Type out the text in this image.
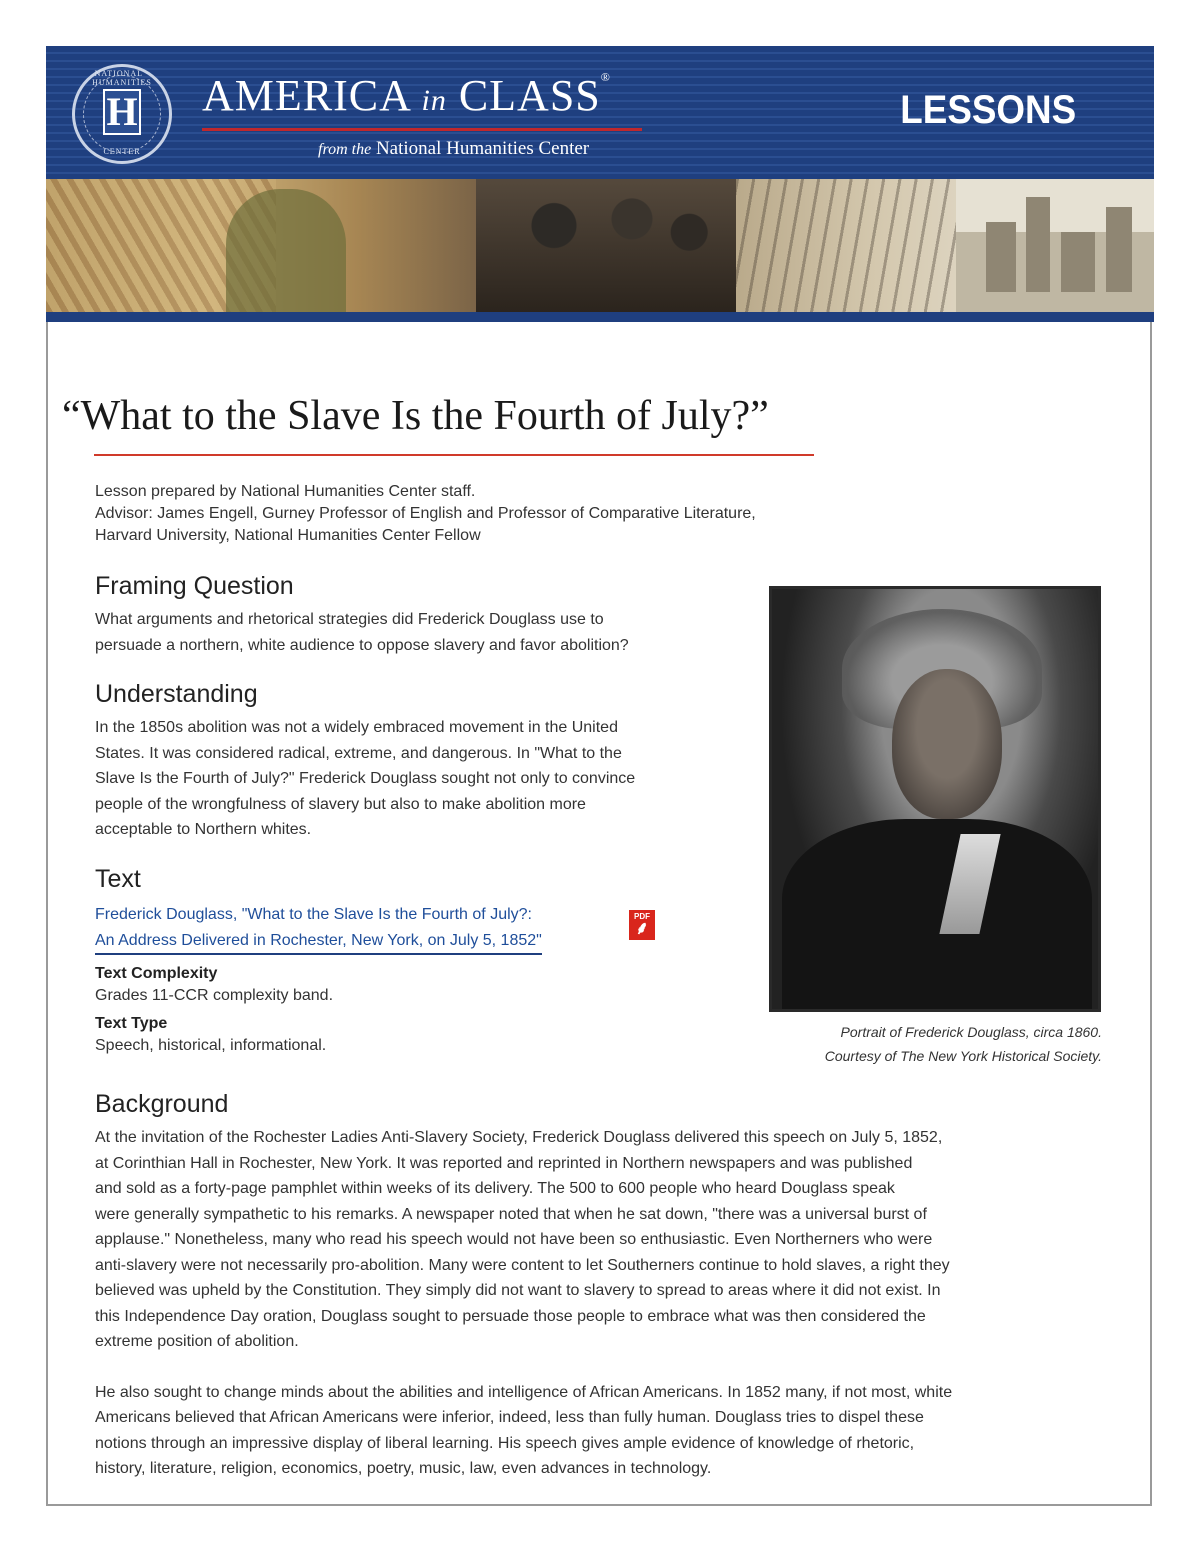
NATIONAL · HUMANITIES
H
CENTER
AMERICA in CLASS®
from the National Humanities Center
LESSONS
“What to the Slave Is the Fourth of July?”
Lesson prepared by National Humanities Center staff.
Advisor: James Engell, Gurney Professor of English and Professor of Comparative Literature,
Harvard University, National Humanities Center Fellow
Framing Question
What arguments and rhetorical strategies did Frederick Douglass use to
persuade a northern, white audience to oppose slavery and favor abolition?
Understanding
In the 1850s abolition was not a widely embraced movement in the United
States. It was considered radical, extreme, and dangerous. In "What to the
Slave Is the Fourth of July?" Frederick Douglass sought not only to convince
people of the wrongfulness of slavery but also to make abolition more
acceptable to Northern whites.
Text
Frederick Douglass, "What to the Slave Is the Fourth of July?:
An Address Delivered in Rochester, New York, on July 5, 1852"
PDF
⸙

Text Complexity

Grades 11-CCR complexity band.

Text Type

Speech, historical, informational.

Portrait of Frederick Douglass, circa 1860.
Courtesy of The New York Historical Society.
Background
At the invitation of the Rochester Ladies Anti-Slavery Society, Frederick Douglass delivered this speech on July 5, 1852,
at Corinthian Hall in Rochester, New York. It was reported and reprinted in Northern newspapers and was published
and sold as a forty-page pamphlet within weeks of its delivery. The 500 to 600 people who heard Douglass speak
were generally sympathetic to his remarks. A newspaper noted that when he sat down, "there was a universal burst of
applause." Nonetheless, many who read his speech would not have been so enthusiastic. Even Northerners who were
anti-slavery were not necessarily pro-abolition. Many were content to let Southerners continue to hold slaves, a right they
believed was upheld by the Constitution. They simply did not want to slavery to spread to areas where it did not exist. In
this Independence Day oration, Douglass sought to persuade those people to embrace what was then considered the
extreme position of abolition.
He also sought to change minds about the abilities and intelligence of African Americans. In 1852 many, if not most, white
Americans believed that African Americans were inferior, indeed, less than fully human. Douglass tries to dispel these
notions through an impressive display of liberal learning. His speech gives ample evidence of knowledge of rhetoric,
history, literature, religion, economics, poetry, music, law, even advances in technology.
